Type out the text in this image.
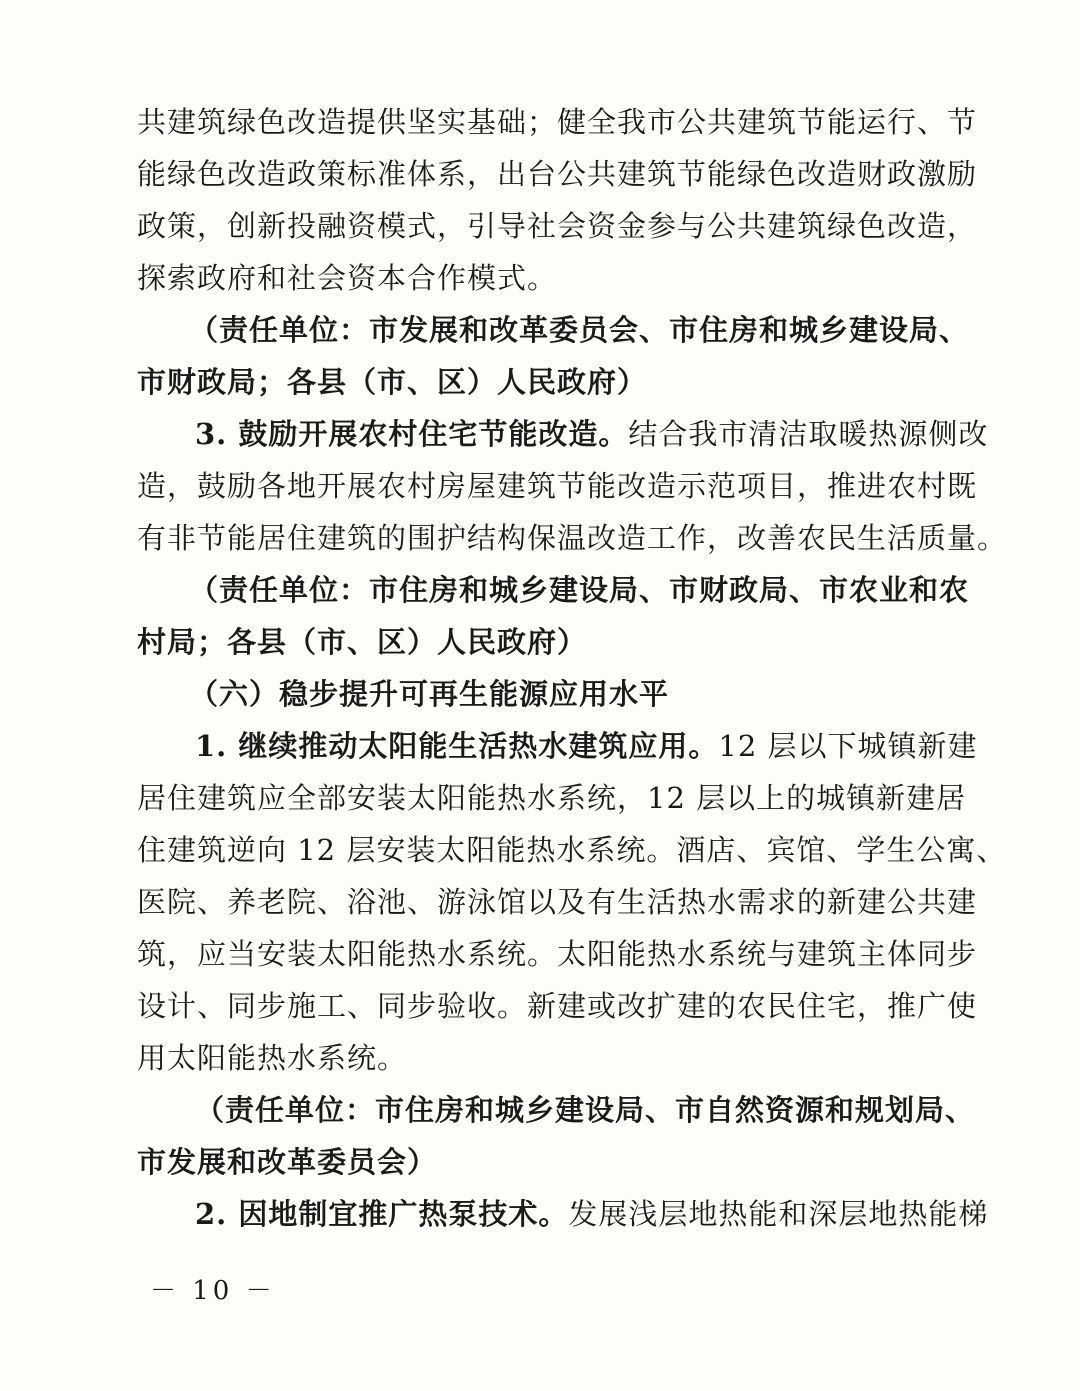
共建筑绿色改造提供坚实基础；健全我市公共建筑节能运行、节
能绿色改造政策标准体系，出台公共建筑节能绿色改造财政激励
政策，创新投融资模式，引导社会资金参与公共建筑绿色改造，
探索政府和社会资本合作模式。
（责任单位：市发展和改革委员会、市住房和城乡建设局、
市财政局；各县（市、区）人民政府）
3. 鼓励开展农村住宅节能改造。结合我市清洁取暖热源侧改
造，鼓励各地开展农村房屋建筑节能改造示范项目，推进农村既
有非节能居住建筑的围护结构保温改造工作，改善农民生活质量。
（责任单位：市住房和城乡建设局、市财政局、市农业和农
村局；各县（市、区）人民政府）
（六）稳步提升可再生能源应用水平
1. 继续推动太阳能生活热水建筑应用。12 层以下城镇新建
居住建筑应全部安装太阳能热水系统，12 层以上的城镇新建居
住建筑逆向 12 层安装太阳能热水系统。酒店、宾馆、学生公寓、
医院、养老院、浴池、游泳馆以及有生活热水需求的新建公共建
筑，应当安装太阳能热水系统。太阳能热水系统与建筑主体同步
设计、同步施工、同步验收。新建或改扩建的农民住宅，推广使
用太阳能热水系统。
（责任单位：市住房和城乡建设局、市自然资源和规划局、
市发展和改革委员会）
2. 因地制宜推广热泵技术。发展浅层地热能和深层地热能梯
－ 10 －
